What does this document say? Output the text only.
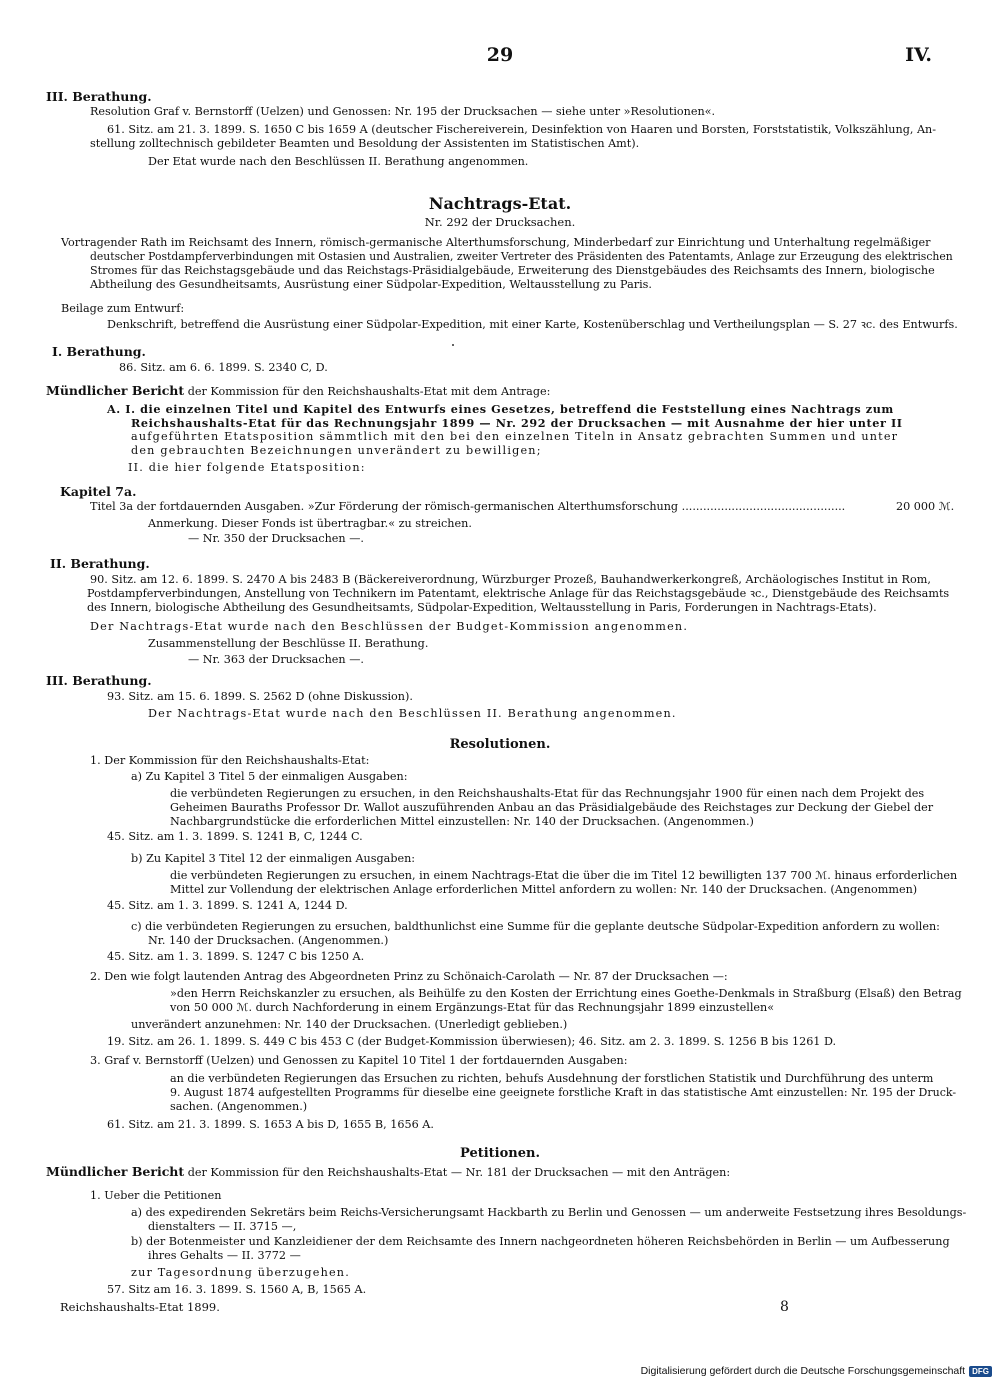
29	IV.
III. Berathung.
Resolution Graf v. Bernstorff (Uelzen) und Genossen: Nr. 195 der Drucksachen — siehe unter »Resolutionen«.
61. Sitz. am 21. 3. 1899. S. 1650 C bis 1659 A (deutscher Fischereiverein, Desinfektion von Haaren und Borsten, Forststatistik, Volkszählung, An-
stellung zolltechnisch gebildeter Beamten und Besoldung der Assistenten im Statistischen Amt).
Der Etat wurde nach den Beschlüssen II. Berathung angenommen.
Nachtrags-Etat.
Nr. 292 der Drucksachen.
Vortragender Rath im Reichsamt des Innern, römisch-germanische Alterthumsforschung, Minderbedarf zur Einrichtung und Unterhaltung regelmäßiger
deutscher Postdampferverbindungen mit Ostasien und Australien, zweiter Vertreter des Präsidenten des Patentamts, Anlage zur Erzeugung des elektrischen
Stromes für das Reichstagsgebäude und das Reichstags-Präsidialgebäude, Erweiterung des Dienstgebäudes des Reichsamts des Innern, biologische
Abtheilung des Gesundheitsamts, Ausrüstung einer Südpolar-Expedition, Weltausstellung zu Paris.
Beilage zum Entwurf:
Denkschrift, betreffend die Ausrüstung einer Südpolar-Expedition, mit einer Karte, Kostenüberschlag und Vertheilungsplan — S. 27 ꝛc. des Entwurfs.
I. Berathung.
86. Sitz. am 6. 6. 1899. S. 2340 C, D.
Mündlicher Bericht der Kommission für den Reichshaushalts-Etat mit dem Antrage:
A. I. die einzelnen Titel und Kapitel des Entwurfs eines Gesetzes, betreffend die Feststellung eines Nachtrags zum
Reichshaushalts-Etat für das Rechnungsjahr 1899 — Nr. 292 der Drucksachen — mit Ausnahme der hier unter II
aufgeführten Etatsposition sämmtlich mit den bei den einzelnen Titeln in Ansatz gebrachten Summen und unter
den gebrauchten Bezeichnungen unverändert zu bewilligen;
II. die hier folgende Etatsposition:
Kapitel 7a.
Titel 3a der fortdauernden Ausgaben. »Zur Förderung der römisch-germanischen Alterthumsforschung ..............................................	20 000 ℳ.
Anmerkung. Dieser Fonds ist übertragbar.« zu streichen.
— Nr. 350 der Drucksachen —.
II. Berathung.
90. Sitz. am 12. 6. 1899. S. 2470 A bis 2483 B (Bäckereiverordnung, Würzburger Prozeß, Bauhandwerkerkongreß, Archäologisches Institut in Rom,
Postdampferverbindungen, Anstellung von Technikern im Patentamt, elektrische Anlage für das Reichstagsgebäude ꝛc., Dienstgebäude des Reichsamts
des Innern, biologische Abtheilung des Gesundheitsamts, Südpolar-Expedition, Weltausstellung in Paris, Forderungen in Nachtrags-Etats).
Der Nachtrags-Etat wurde nach den Beschlüssen der Budget-Kommission angenommen.
Zusammenstellung der Beschlüsse II. Berathung.
— Nr. 363 der Drucksachen —.
III. Berathung.
93. Sitz. am 15. 6. 1899. S. 2562 D (ohne Diskussion).
Der Nachtrags-Etat wurde nach den Beschlüssen II. Berathung angenommen.
Resolutionen.
1. Der Kommission für den Reichshaushalts-Etat:
a) Zu Kapitel 3 Titel 5 der einmaligen Ausgaben:
die verbündeten Regierungen zu ersuchen, in den Reichshaushalts-Etat für das Rechnungsjahr 1900 für einen nach dem Projekt des
Geheimen Bauraths Professor Dr. Wallot auszuführenden Anbau an das Präsidialgebäude des Reichstages zur Deckung der Giebel der
Nachbargrundstücke die erforderlichen Mittel einzustellen: Nr. 140 der Drucksachen. (Angenommen.)
45. Sitz. am 1. 3. 1899. S. 1241 B, C, 1244 C.
b) Zu Kapitel 3 Titel 12 der einmaligen Ausgaben:
die verbündeten Regierungen zu ersuchen, in einem Nachtrags-Etat die über die im Titel 12 bewilligten 137 700 ℳ. hinaus erforderlichen
Mittel zur Vollendung der elektrischen Anlage erforderlichen Mittel anfordern zu wollen: Nr. 140 der Drucksachen. (Angenommen)
45. Sitz. am 1. 3. 1899. S. 1241 A, 1244 D.
c) die verbündeten Regierungen zu ersuchen, baldthunlichst eine Summe für die geplante deutsche Südpolar-Expedition anfordern zu wollen:
Nr. 140 der Drucksachen. (Angenommen.)
45. Sitz. am 1. 3. 1899. S. 1247 C bis 1250 A.
2. Den wie folgt lautenden Antrag des Abgeordneten Prinz zu Schönaich-Carolath — Nr. 87 der Drucksachen —:
»den Herrn Reichskanzler zu ersuchen, als Beihülfe zu den Kosten der Errichtung eines Goethe-Denkmals in Straßburg (Elsaß) den Betrag
von 50 000 ℳ. durch Nachforderung in einem Ergänzungs-Etat für das Rechnungsjahr 1899 einzustellen«
unverändert anzunehmen: Nr. 140 der Drucksachen. (Unerledigt geblieben.)
19. Sitz. am 26. 1. 1899. S. 449 C bis 453 C (der Budget-Kommission überwiesen); 46. Sitz. am 2. 3. 1899. S. 1256 B bis 1261 D.
3. Graf v. Bernstorff (Uelzen) und Genossen zu Kapitel 10 Titel 1 der fortdauernden Ausgaben:
an die verbündeten Regierungen das Ersuchen zu richten, behufs Ausdehnung der forstlichen Statistik und Durchführung des unterm
9. August 1874 aufgestellten Programms für dieselbe eine geeignete forstliche Kraft in das statistische Amt einzustellen: Nr. 195 der Druck-
sachen. (Angenommen.)
61. Sitz. am 21. 3. 1899. S. 1653 A bis D, 1655 B, 1656 A.
Petitionen.
Mündlicher Bericht der Kommission für den Reichshaushalts-Etat — Nr. 181 der Drucksachen — mit den Anträgen:
1. Ueber die Petitionen
a) des expedirenden Sekretärs beim Reichs-Versicherungsamt Hackbarth zu Berlin und Genossen — um anderweite Festsetzung ihres Besoldungs-
dienstalters — II. 3715 —,
b) der Botenmeister und Kanzleidiener der dem Reichsamte des Innern nachgeordneten höheren Reichsbehörden in Berlin — um Aufbesserung
ihres Gehalts — II. 3772 —
zur Tagesordnung überzugehen.
57. Sitz am 16. 3. 1899. S. 1560 A, B, 1565 A.
Reichshaushalts-Etat 1899.	8
Digitalisierung gefördert durch die Deutsche Forschungsgemeinschaft DFG
